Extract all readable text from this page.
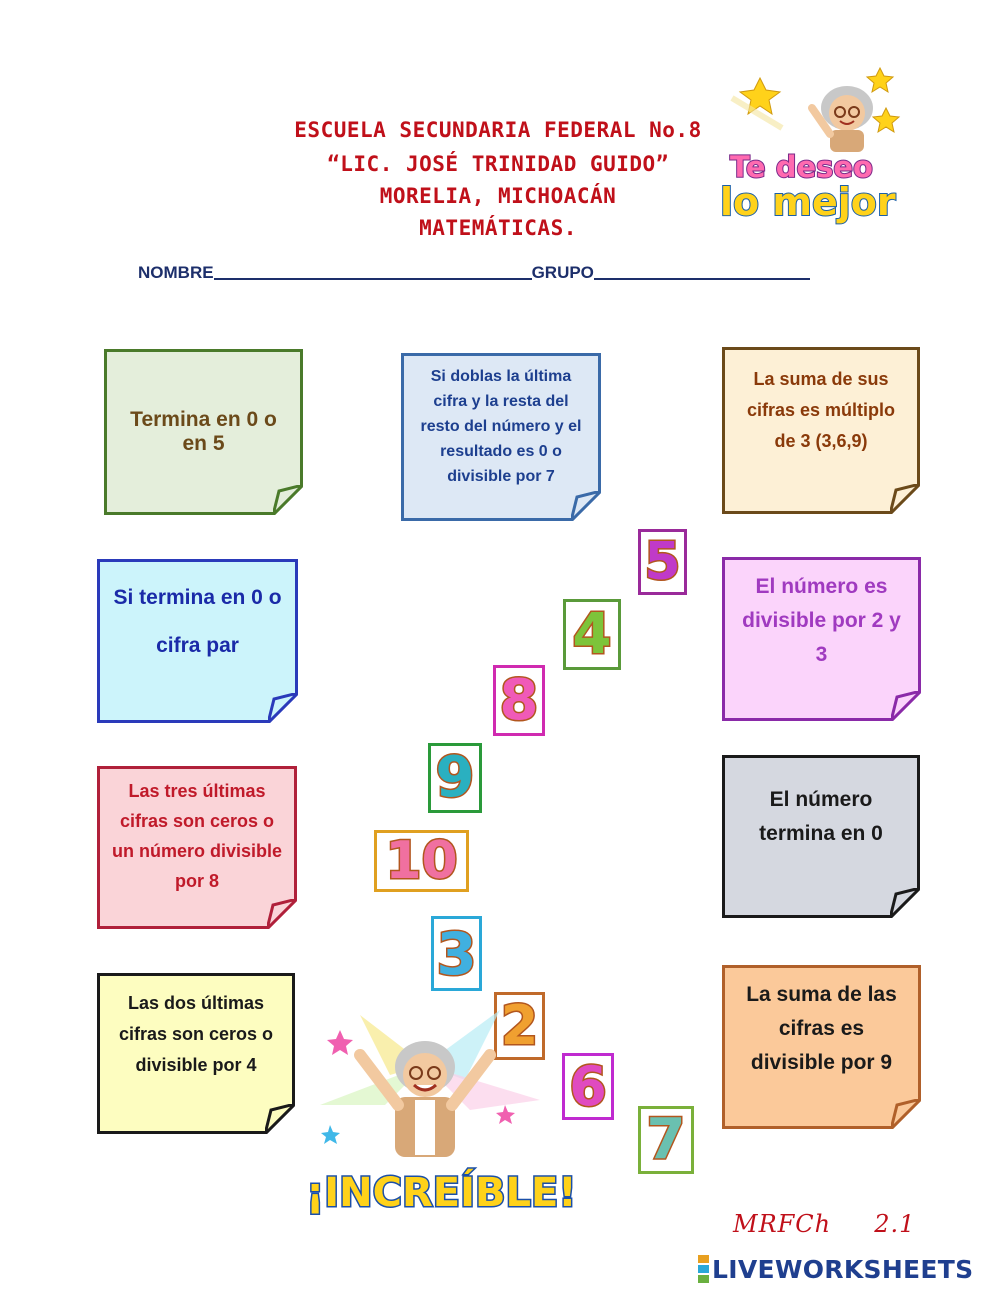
ESCUELA SECUNDARIA FEDERAL No.8
“LIC. JOSÉ TRINIDAD GUIDO”
MORELIA, MICHOACÁN
MATEMÁTICAS.
NOMBRE	GRUPO
Te deseo
lo mejor
Termina en 0 o en 5
Si doblas la última cifra y la resta del resto del número y el resultado es 0 o divisible por 7
La suma de sus cifras es múltiplo de 3 (3,6,9)
Si termina en 0 o cifra par
El número es divisible por 2 y 3
Las tres últimas cifras son ceros o un número divisible por 8
El número termina en 0
Las dos últimas cifras son ceros o divisible por 4
La suma de las cifras es divisible por 9
5
4
8
9
10
3
2
6
7
¡INCREÍBLE!
MRFCh     2.1
LIVEWORKSHEETS
